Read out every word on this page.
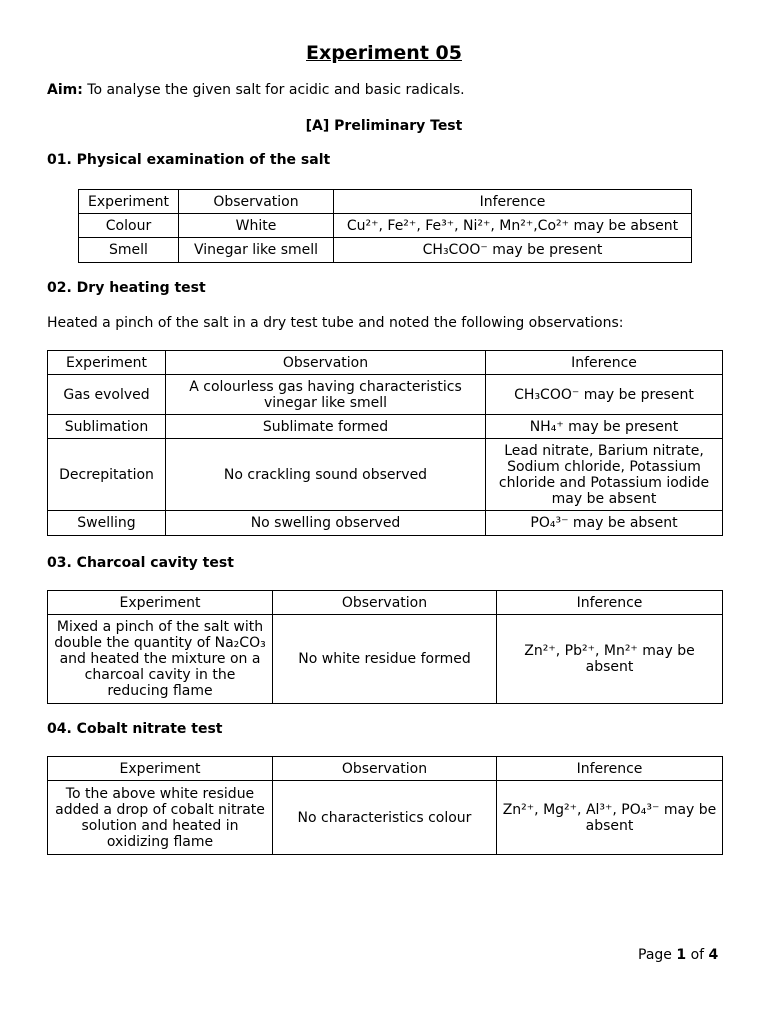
Experiment 05
Aim: To analyse the given salt for acidic and basic radicals.
[A] Preliminary Test
01. Physical examination of the salt
Experiment	Observation	Inference
Colour	White	Cu²⁺, Fe²⁺, Fe³⁺, Ni²⁺, Mn²⁺,Co²⁺ may be absent
Smell	Vinegar like smell	CH₃COO⁻ may be present
02. Dry heating test
Heated a pinch of the salt in a dry test tube and noted the following observations:
Experiment	Observation	Inference
Gas evolved	A colourless gas having characteristics vinegar like smell	CH₃COO⁻ may be present
Sublimation	Sublimate formed	NH₄⁺ may be present
Decrepitation	No crackling sound observed	Lead nitrate, Barium nitrate, Sodium chloride, Potassium chloride and Potassium iodide may be absent
Swelling	No swelling observed	PO₄³⁻ may be absent
03. Charcoal cavity test
Experiment	Observation	Inference
Mixed a pinch of the salt with double the quantity of Na₂CO₃ and heated the mixture on a charcoal cavity in the reducing flame	No white residue formed	Zn²⁺, Pb²⁺, Mn²⁺ may be absent
04. Cobalt nitrate test
Experiment	Observation	Inference
To the above white residue added a drop of cobalt nitrate solution and heated in oxidizing flame	No characteristics colour	Zn²⁺, Mg²⁺, Al³⁺, PO₄³⁻ may be absent
Page 1 of 4
